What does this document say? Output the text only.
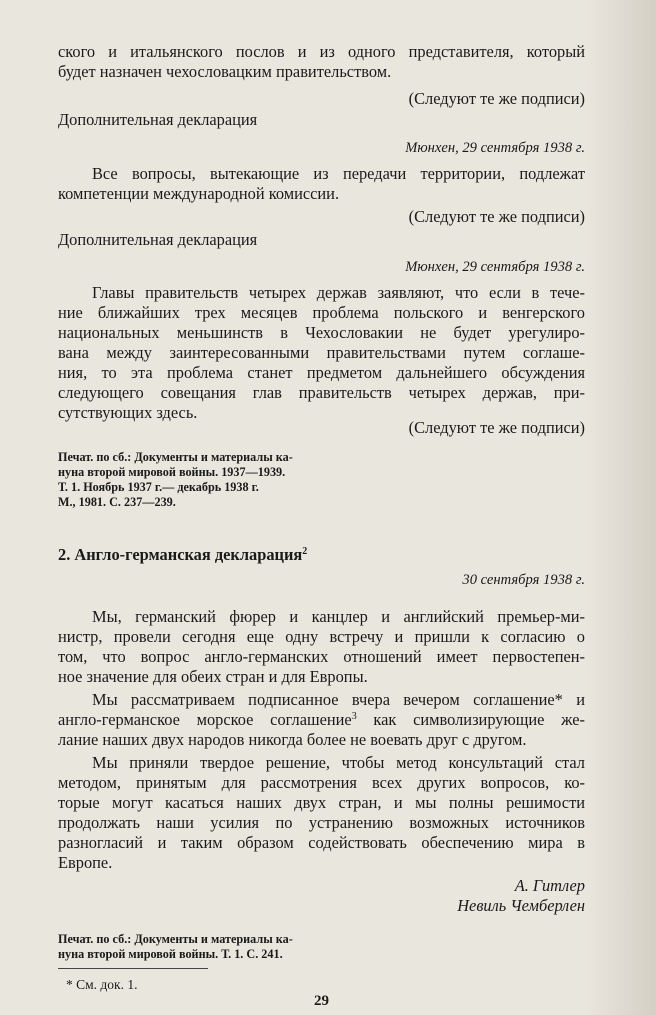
ского и итальянского послов и из одного представителя, который
будет назначен чехословацким правительством.
(Следуют те же подписи)
Дополнительная декларация
Мюнхен, 29 сентября 1938 г.
Все вопросы, вытекающие из передачи территории, подлежат
компетенции международной комиссии.
(Следуют те же подписи)
Дополнительная декларация
Мюнхен, 29 сентября 1938 г.
Главы правительств четырех держав заявляют, что если в тече-
ние ближайших трех месяцев проблема польского и венгерского
национальных меньшинств в Чехословакии не будет урегулиро-
вана между заинтересованными правительствами путем соглаше-
ния, то эта проблема станет предметом дальнейшего обсуждения
следующего совещания глав правительств четырех держав, при-
сутствующих здесь.
(Следуют те же подписи)
Печат. по сб.: Документы и материалы ка-
нуна второй мировой войны. 1937—1939.
Т. 1. Ноябрь 1937 г.— декабрь 1938 г.
М., 1981. С. 237—239.
2. Англо-германская декларация$^2$
30 сентября 1938 г.
Мы, германский фюрер и канцлер и английский премьер-ми-
нистр, провели сегодня еще одну встречу и пришли к согласию о
том, что вопрос англо-германских отношений имеет первостепен-
ное значение для обеих стран и для Европы.
Мы рассматриваем подписанное вчера вечером соглашение* и
англо-германское морское соглашение$^3$ как символизирующие же-
лание наших двух народов никогда более не воевать друг с другом.
Мы приняли твердое решение, чтобы метод консультаций стал
методом, принятым для рассмотрения всех других вопросов, ко-
торые могут касаться наших двух стран, и мы полны решимости
продолжать наши усилия по устранению возможных источников
разногласий и таким образом содействовать обеспечению мира в
Европе.
А. Гитлер
Невиль Чемберлен
Печат. по сб.: Документы и материалы ка-
нуна второй мировой войны. Т. 1. С. 241.
* См. док. 1.
29
